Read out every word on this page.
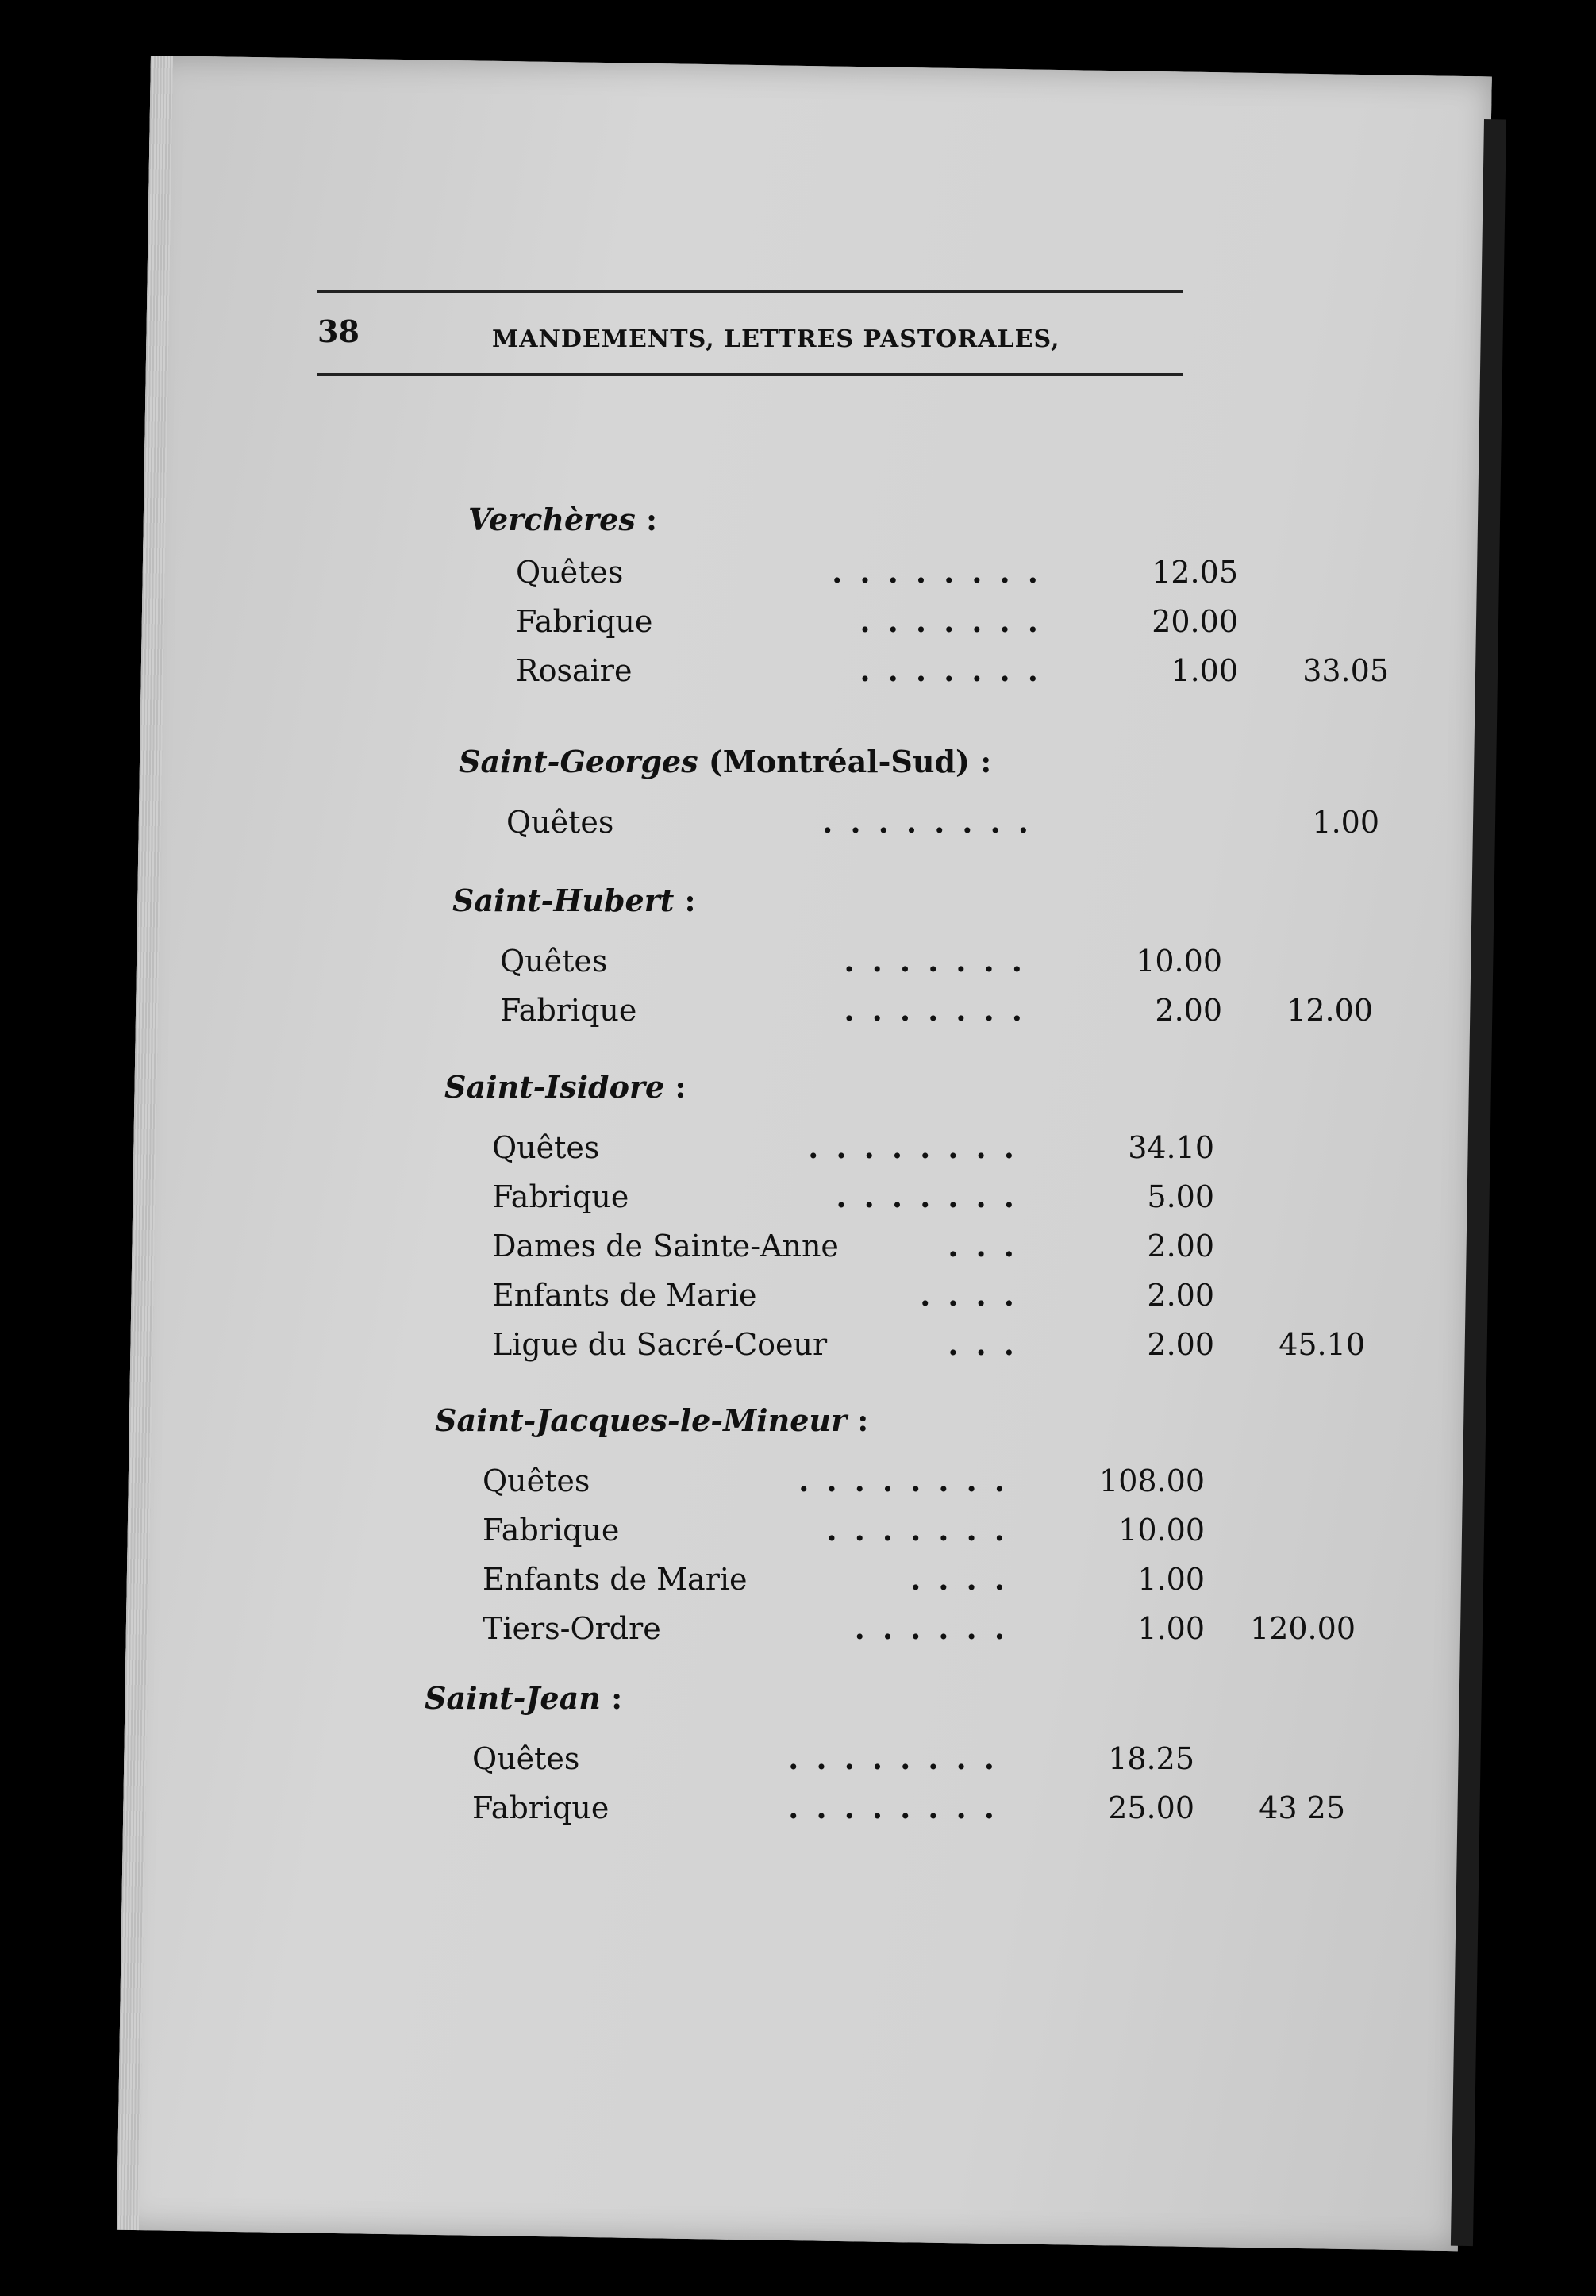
38	MANDEMENTS, LETTRES PASTORALES,
Verchères :
Quêtes	........	12.05
Fabrique	.......	20.00
Rosaire	.......	1.00	33.05
Saint-Georges (Montréal-Sud) :
Quêtes	........	1.00
Saint-Hubert :
Quêtes	.......	10.00
Fabrique	.......	2.00	12.00
Saint-Isidore :
Quêtes	........	34.10
Fabrique	.......	5.00
Dames de Sainte-Anne	...	2.00
Enfants de Marie	....	2.00
Ligue du Sacré-Coeur	...	2.00	45.10
Saint-Jacques-le-Mineur :
Quêtes	........	108.00
Fabrique	.......	10.00
Enfants de Marie	....	1.00
Tiers-Ordre	......	1.00	120.00
Saint-Jean :
Quêtes	........	18.25
Fabrique	........	25.00	43 25
